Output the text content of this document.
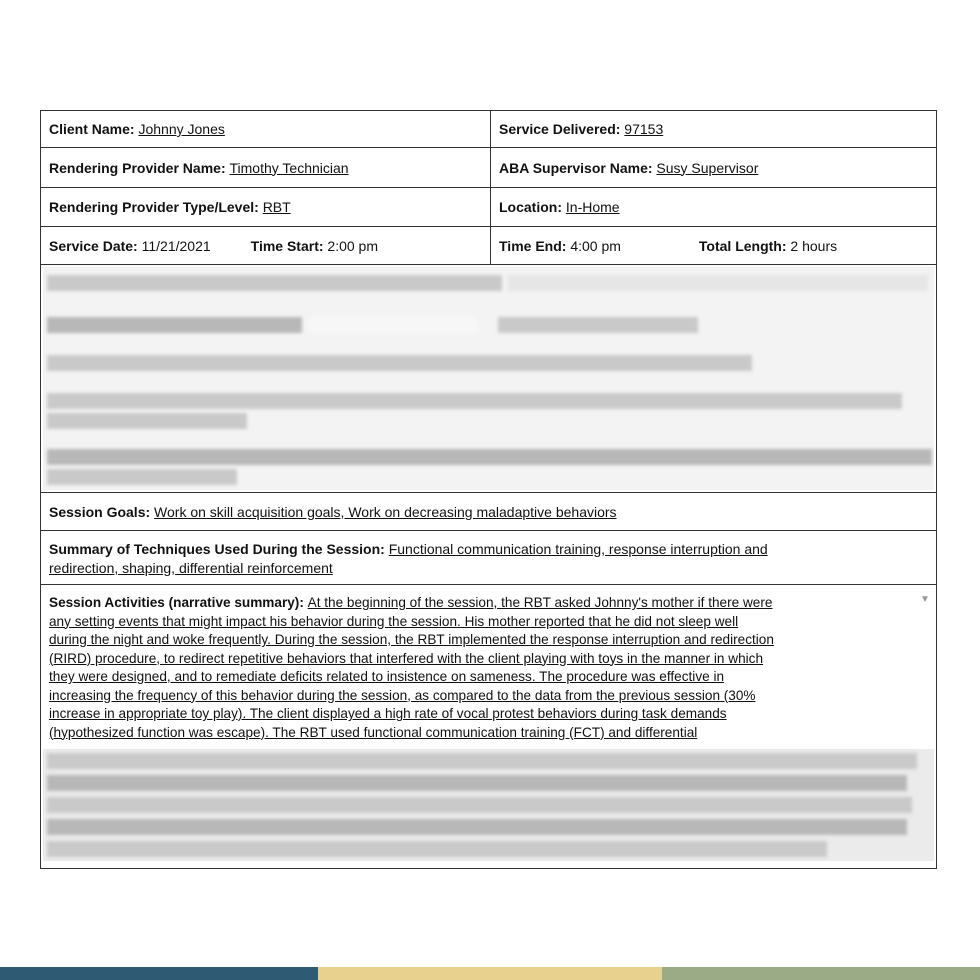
Client Name:
Johnny Jones	Service Delivered:
97153
Rendering Provider Name:
Timothy Technician	ABA Supervisor Name:
Susy Supervisor
Rendering Provider Type/Level:
RBT	Location:
In-Home
Service Date:
11/21/2021	Time Start:
2:00 pm	Time End:
4:00 pm	Total Length:
2 hours
Session Goals:
Work on skill acquisition goals, Work on decreasing maladaptive behaviors
Summary of Techniques Used During the Session: Functional communication training, response interruption and
redirection, shaping, differential reinforcement
Session Activities (narrative summary): At the beginning of the session, the RBT asked Johnny's mother if there were
any setting events that might impact his behavior during the session. His mother reported that he did not sleep well
during the night and woke frequently. During the session, the RBT implemented the response interruption and redirection
(RIRD) procedure, to redirect repetitive behaviors that interfered with the client playing with toys in the manner in which
they were designed, and to remediate deficits related to insistence on sameness. The procedure was effective in
increasing the frequency of this behavior during the session, as compared to the data from the previous session (30%
increase in appropriate toy play). The client displayed a high rate of vocal protest behaviors during task demands
(hypothesized function was escape). The RBT used functional communication training (FCT) and differential
▼
